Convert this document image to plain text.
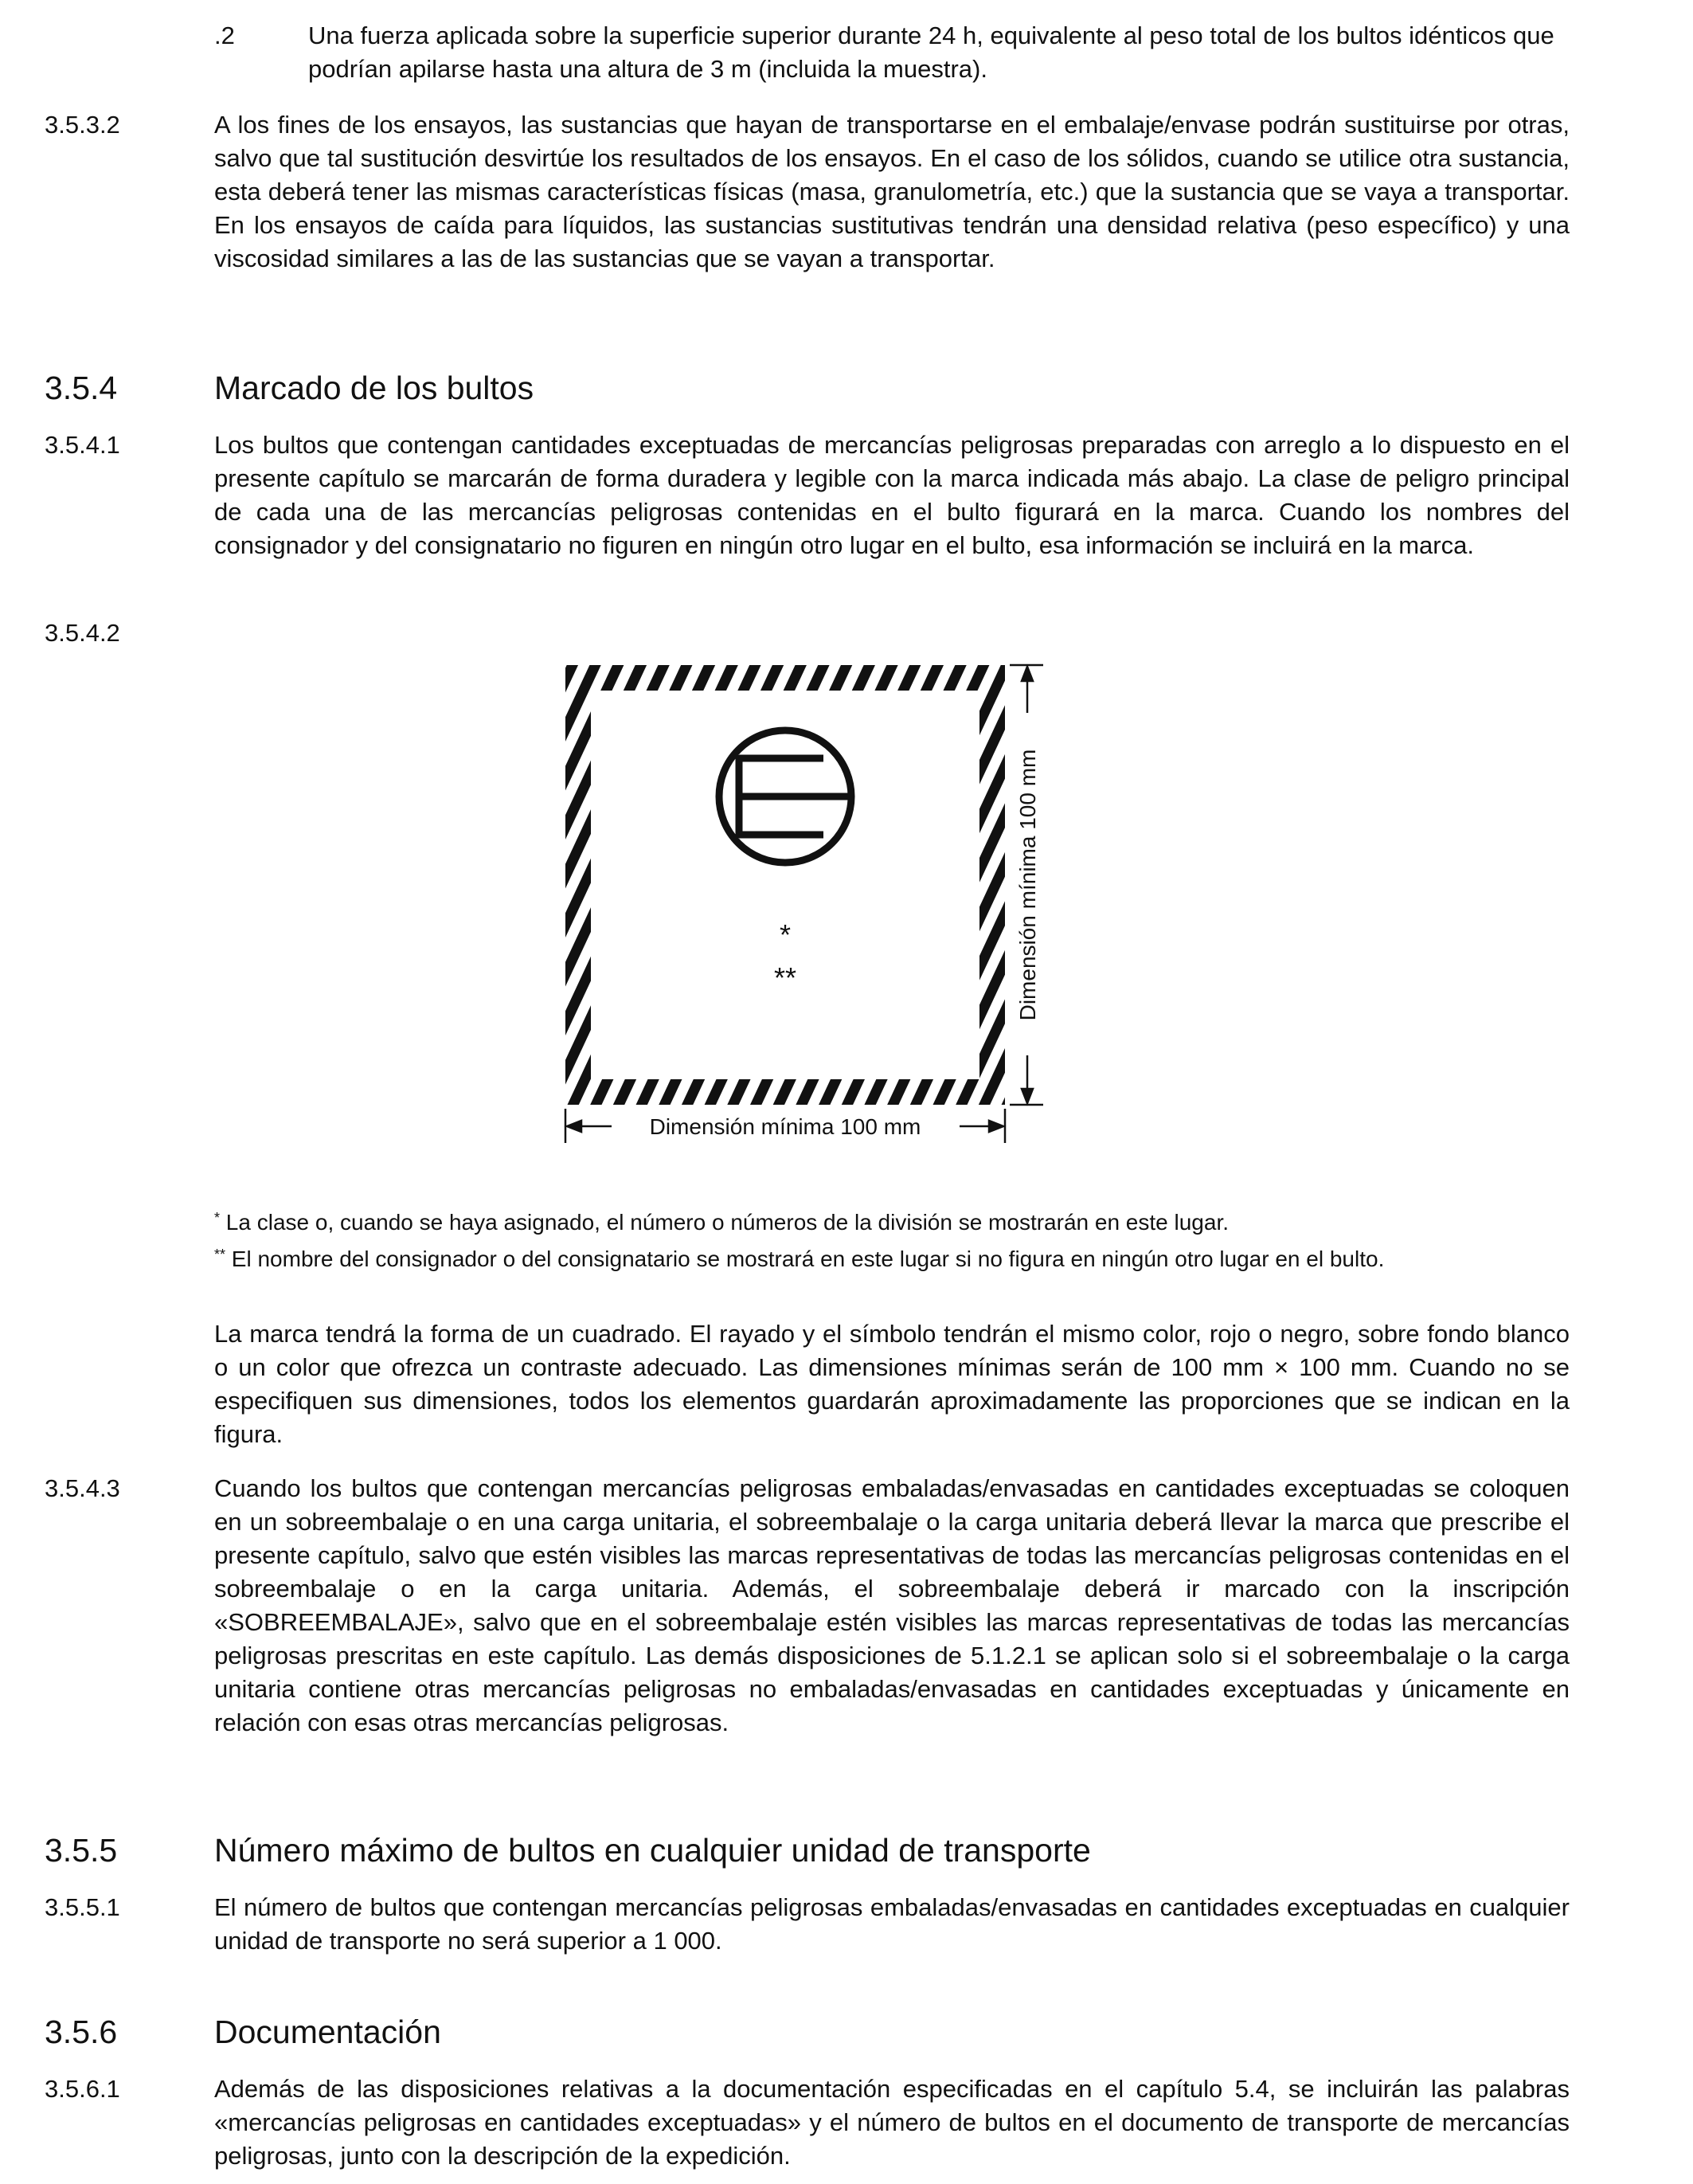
.2	Una fuerza aplicada sobre la superficie superior durante 24 h, equivalente al peso total de los bultos idénticos que podrían apilarse hasta una altura de 3 m (incluida la muestra).
3.5.3.2	A los fines de los ensayos, las sustancias que hayan de transportarse en el embalaje/envase podrán sustituirse por otras, salvo que tal sustitución desvirtúe los resultados de los ensayos. En el caso de los sólidos, cuando se utilice otra sustancia, esta deberá tener las mismas características físicas (masa, granulometría, etc.) que la sustancia que se vaya a transportar. En los ensayos de caída para líquidos, las sustancias sustitutivas tendrán una densidad relativa (peso específico) y una viscosidad similares a las de las sustancias que se vayan a transportar.
3.5.4	Marcado de los bultos
3.5.4.1	Los bultos que contengan cantidades exceptuadas de mercancías peligrosas preparadas con arreglo a lo dispuesto en el presente capítulo se marcarán de forma duradera y legible con la marca indicada más abajo. La clase de peligro principal de cada una de las mercancías peligrosas contenidas en el bulto figurará en la marca. Cuando los nombres del consignador y del consignatario no figuren en ningún otro lugar en el bulto, esa información se incluirá en la marca.
3.5.4.2
*
**
Dimensión mínima 100 mm
Dimensión mínima 100 mm
* La clase o, cuando se haya asignado, el número o números de la división se mostrarán en este lugar.
** El nombre del consignador o del consignatario se mostrará en este lugar si no figura en ningún otro lugar en el bulto.
La marca tendrá la forma de un cuadrado. El rayado y el símbolo tendrán el mismo color, rojo o negro, sobre fondo blanco o un color que ofrezca un contraste adecuado. Las dimensiones mínimas serán de 100 mm × 100 mm. Cuando no se especifiquen sus dimensiones, todos los elementos guardarán aproximadamente las proporciones que se indican en la figura.
3.5.4.3	Cuando los bultos que contengan mercancías peligrosas embaladas/envasadas en cantidades exceptuadas se coloquen en un sobreembalaje o en una carga unitaria, el sobreembalaje o la carga unitaria deberá llevar la marca que prescribe el presente capítulo, salvo que estén visibles las marcas representativas de todas las mercancías peligrosas contenidas en el sobreembalaje o en la carga unitaria. Además, el sobreembalaje deberá ir marcado con la inscripción «SOBREEMBALAJE», salvo que en el sobreembalaje estén visibles las marcas representativas de todas las mercancías peligrosas prescritas en este capítulo. Las demás disposiciones de 5.1.2.1 se aplican solo si el sobreembalaje o la carga unitaria contiene otras mercancías peligrosas no embaladas/envasadas en cantidades exceptuadas y únicamente en relación con esas otras mercancías peligrosas.
3.5.5	Número máximo de bultos en cualquier unidad de transporte
3.5.5.1	El número de bultos que contengan mercancías peligrosas embaladas/envasadas en cantidades exceptuadas en cualquier unidad de transporte no será superior a 1 000.
3.5.6	Documentación
3.5.6.1	Además de las disposiciones relativas a la documentación especificadas en el capítulo 5.4, se incluirán las palabras «mercancías peligrosas en cantidades exceptuadas» y el número de bultos en el documento de transporte de mercancías peligrosas, junto con la descripción de la expedición.
